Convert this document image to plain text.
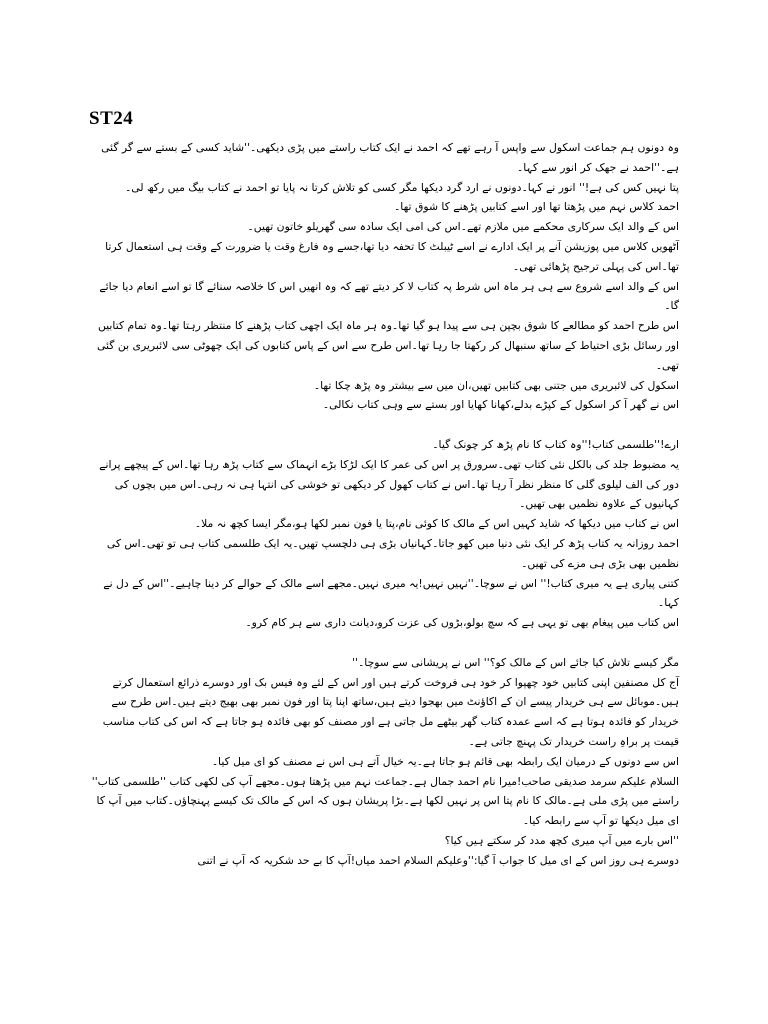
ST24

وہ دونوں ہم جماعت اسکول سے واپس آ رہے تھے کہ احمد نے ایک کتاب راستے میں پڑی دیکھی۔''شاید کسی کے بستے سے گر گئی ہے۔''احمد نے جھک کر انور سے کہا۔

پتا نہیں کس کی ہے!'' انور نے کہا۔دونوں نے ارد گرد دیکھا مگر کسی کو تلاش کرتا نہ پایا تو احمد نے کتاب بیگ میں رکھ لی۔

احمد کلاس نہم میں پڑھتا تھا اور اسے کتابیں پڑھنے کا شوق تھا۔

اس کے والد ایک سرکاری محکمے میں ملازم تھے۔اس کی امی ایک سادہ سی گھریلو خاتون تھیں۔

آٹھویں کلاس میں پوزیشن آنے پر ایک ادارے نے اسے ٹیبلٹ کا تحفہ دیا تھا،جسے وہ فارغ وقت یا ضرورت کے وقت ہی استعمال کرتا تھا۔اس کی پہلی ترجیح پڑھائی تھی۔

اس کے والد اسے شروع سے ہی ہر ماہ اس شرط پہ کتاب لا کر دیتے تھے کہ وہ انھیں اس کا خلاصہ سنائے گا تو اسے انعام دیا جائے گا۔

اس طرح احمد کو مطالعے کا شوق بچپن ہی سے پیدا ہو گیا تھا۔وہ ہر ماہ ایک اچھی کتاب پڑھنے کا منتظر رہتا تھا۔وہ تمام کتابیں اور رسائل بڑی احتیاط کے ساتھ سنبھال کر رکھتا جا رہا تھا۔اس طرح سے اس کے پاس کتابوں کی ایک چھوٹی سی لائبریری بن گئی تھی۔

اسکول کی لائبریری میں جتنی بھی کتابیں تھیں،ان میں سے بیشتر وہ پڑھ چکا تھا۔

اس نے گھر آ کر اسکول کے کپڑے بدلے،کھانا کھایا اور بستے سے وہی کتاب نکالی۔

ارے!''طلسمی کتاب!''وہ کتاب کا نام پڑھ کر چونک گیا۔

یہ مضبوط جلد کی بالکل نئی کتاب تھی۔سرورق پر اس کی عمر کا ایک لڑکا بڑے انہماک سے کتاب پڑھ رہا تھا۔اس کے پیچھے پرانے دور کی الف لیلوی گلی کا منظر نظر آ رہا تھا۔اس نے کتاب کھول کر دیکھی تو خوشی کی انتہا ہی نہ رہی۔اس میں بچوں کی کہانیوں کے علاوہ نظمیں بھی تھیں۔

اس نے کتاب میں دیکھا کہ شاید کہیں اس کے مالک کا کوئی نام،پتا یا فون نمبر لکھا ہو،مگر ایسا کچھ نہ ملا۔

احمد روزانہ یہ کتاب پڑھ کر ایک نئی دنیا میں کھو جاتا۔کہانیاں بڑی ہی دلچسپ تھیں۔یہ ایک طلسمی کتاب ہی تو تھی۔اس کی نظمیں بھی بڑی ہی مزے کی تھیں۔

کتنی پیاری ہے یہ میری کتاب!'' اس نے سوچا۔''نہیں نہیں!یہ میری نہیں۔مجھے اسے مالک کے حوالے کر دینا چاہیے۔''اس کے دل نے کہا۔

اس کتاب میں پیغام بھی تو یہی ہے کہ سچ بولو،بڑوں کی عزت کرو،دیانت داری سے ہر کام کرو۔

مگر کیسے تلاش کیا جائے اس کے مالک کو؟'' اس نے پریشانی سے سوچا۔''

آج کل مصنفین اپنی کتابیں خود چھپوا کر خود ہی فروخت کرتے ہیں اور اس کے لئے وہ فیس بک اور دوسرے ذرائع استعمال کرتے ہیں۔موبائل سے ہی خریدار پیسے ان کے اکاؤنٹ میں بھجوا دیتے ہیں،ساتھ اپنا پتا اور فون نمبر بھی بھیج دیتے ہیں۔اس طرح سے خریدار کو فائدہ ہوتا ہے کہ اسے عمدہ کتاب گھر بیٹھے مل جاتی ہے اور مصنف کو بھی فائدہ ہو جاتا ہے کہ اس کی کتاب مناسب قیمت پر براہِ راست خریدار تک پہنچ جاتی ہے۔

اس سے دونوں کے درمیان ایک رابطہ بھی قائم ہو جاتا ہے۔یہ خیال آتے ہی اس نے مصنف کو ای میل کیا۔

السلام علیکم سرمد صدیقی صاحب!میرا نام احمد جمال ہے۔جماعت نہم میں پڑھتا ہوں۔مجھے آپ کی لکھی کتاب ''طلسمی کتاب'' راستے میں پڑی ملی ہے۔مالک کا نام پتا اس پر نہیں لکھا ہے۔بڑا پریشان ہوں کہ اس کے مالک تک کیسے پہنچاؤں۔کتاب میں آپ کا ای میل دیکھا تو آپ سے رابطہ کیا۔

''اس بارے میں آپ میری کچھ مدد کر سکتے ہیں کیا؟

دوسرے ہی روز اس کے ای میل کا جواب آ گیا:''وعلیکم السلام احمد میاں!آپ کا بے حد شکریہ کہ آپ نے اتنی
